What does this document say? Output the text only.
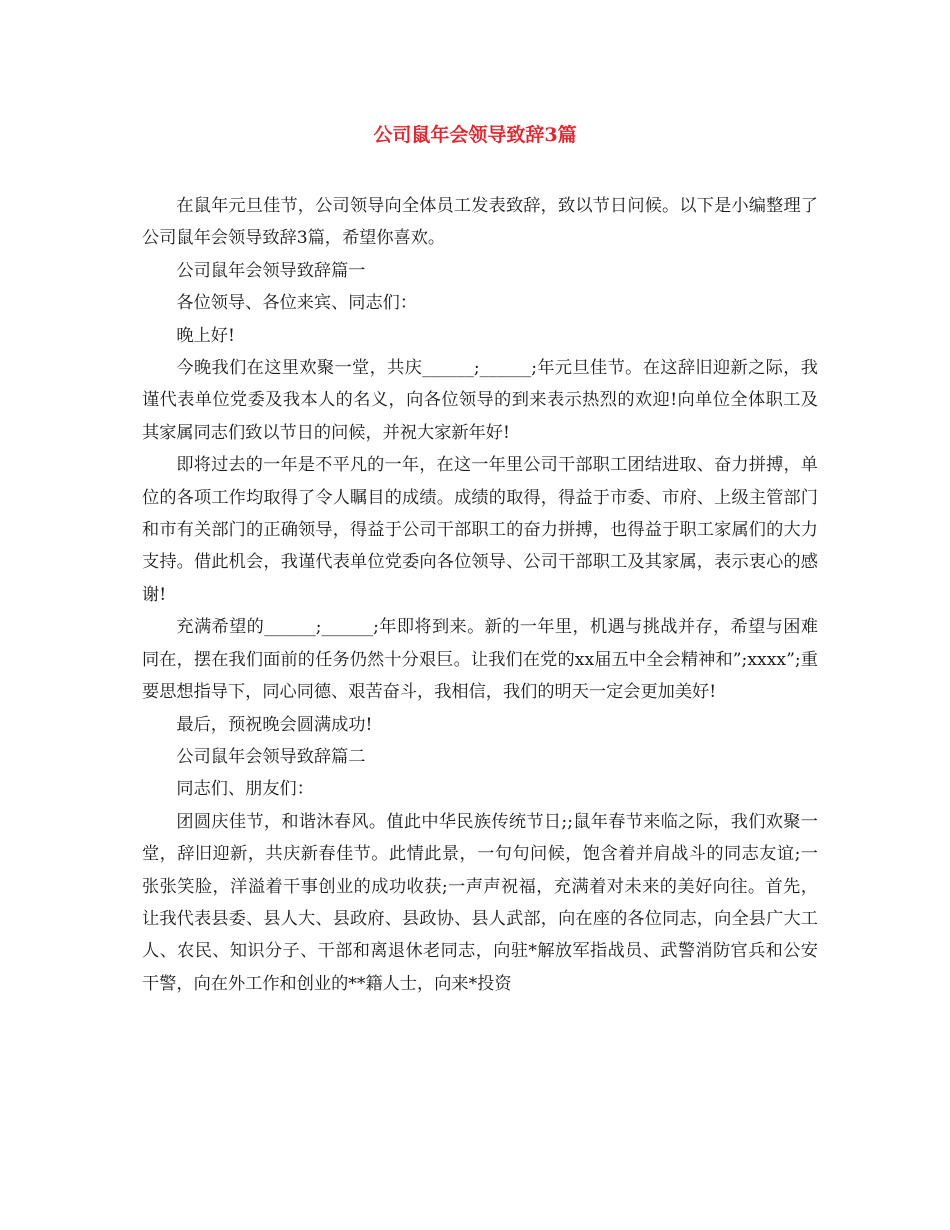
公司鼠年会领导致辞3篇

在鼠年元旦佳节，公司领导向全体员工发表致辞，致以节日问候。以下是小编整理了公司鼠年会领导致辞3篇，希望你喜欢。

公司鼠年会领导致辞篇一

各位领导、各位来宾、同志们：

晚上好!

今晚我们在这里欢聚一堂，共庆______;______;年元旦佳节。在这辞旧迎新之际，我谨代表单位党委及我本人的名义，向各位领导的到来表示热烈的欢迎!向单位全体职工及其家属同志们致以节日的问候，并祝大家新年好!

即将过去的一年是不平凡的一年，在这一年里公司干部职工团结进取、奋力拼搏，单位的各项工作均取得了令人瞩目的成绩。成绩的取得，得益于市委、市府、上级主管部门和市有关部门的正确领导，得益于公司干部职工的奋力拼搏，也得益于职工家属们的大力支持。借此机会，我谨代表单位党委向各位领导、公司干部职工及其家属，表示衷心的感谢!

充满希望的______;______;年即将到来。新的一年里，机遇与挑战并存，希望与困难同在，摆在我们面前的任务仍然十分艰巨。让我们在党的xx届五中全会精神和”;xxxx”;重要思想指导下，同心同德、艰苦奋斗，我相信，我们的明天一定会更加美好!

最后，预祝晚会圆满成功!

公司鼠年会领导致辞篇二

同志们、朋友们：

团圆庆佳节，和谐沐春风。值此中华民族传统节日;;鼠年春节来临之际，我们欢聚一堂，辞旧迎新，共庆新春佳节。此情此景，一句句问候，饱含着并肩战斗的同志友谊;一张张笑脸，洋溢着干事创业的成功收获;一声声祝福，充满着对未来的美好向往。首先，让我代表县委、县人大、县政府、县政协、县人武部，向在座的各位同志，向全县广大工人、农民、知识分子、干部和离退休老同志，向驻*解放军指战员、武警消防官兵和公安干警，向在外工作和创业的**籍人士，向来*投资
